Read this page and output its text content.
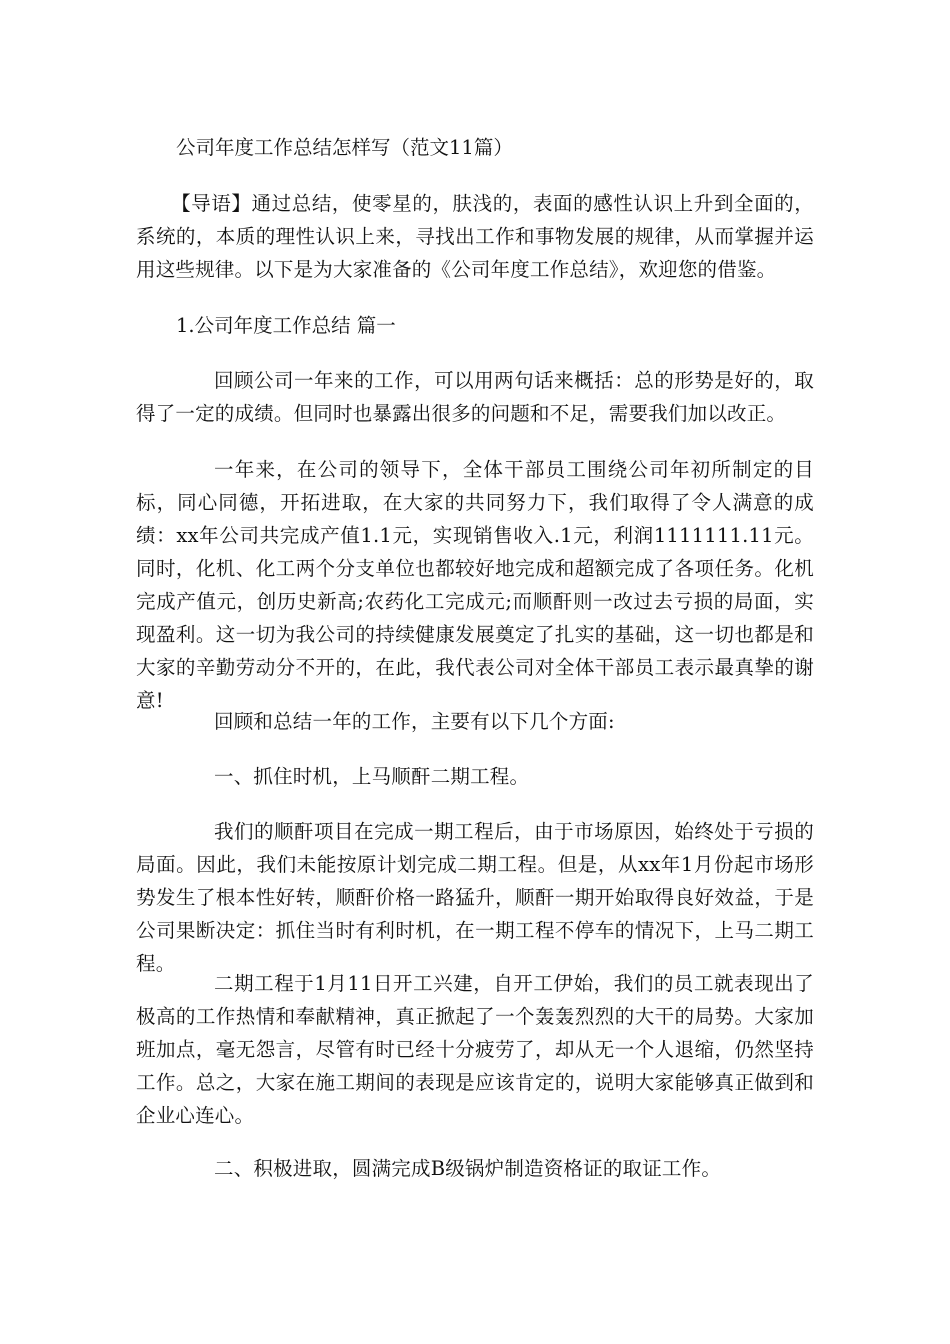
公司年度工作总结怎样写（范文11篇）

【导语】通过总结，使零星的，肤浅的，表面的感性认识上升到全面的，系统的，本质的理性认识上来，寻找出工作和事物发展的规律，从而掌握并运用这些规律。以下是为大家准备的《公司年度工作总结》，欢迎您的借鉴。

1.公司年度工作总结 篇一

回顾公司一年来的工作，可以用两句话来概括：总的形势是好的，取得了一定的成绩。但同时也暴露出很多的问题和不足，需要我们加以改正。

一年来，在公司的领导下，全体干部员工围绕公司年初所制定的目标，同心同德，开拓进取，在大家的共同努力下，我们取得了令人满意的成绩：xx年公司共完成产值1.1元，实现销售收入.1元，利润1111111.11元。同时，化机、化工两个分支单位也都较好地完成和超额完成了各项任务。化机完成产值元，创历史新高;农药化工完成元;而顺酐则一改过去亏损的局面，实现盈利。这一切为我公司的持续健康发展奠定了扎实的基础，这一切也都是和大家的辛勤劳动分不开的，在此，我代表公司对全体干部员工表示最真挚的谢意!

回顾和总结一年的工作，主要有以下几个方面:

一、抓住时机，上马顺酐二期工程。

我们的顺酐项目在完成一期工程后，由于市场原因，始终处于亏损的局面。因此，我们未能按原计划完成二期工程。但是，从xx年1月份起市场形势发生了根本性好转，顺酐价格一路猛升，顺酐一期开始取得良好效益，于是公司果断决定：抓住当时有利时机，在一期工程不停车的情况下，上马二期工程。

二期工程于1月11日开工兴建，自开工伊始，我们的员工就表现出了极高的工作热情和奉献精神，真正掀起了一个轰轰烈烈的大干的局势。大家加班加点，毫无怨言，尽管有时已经十分疲劳了，却从无一个人退缩，仍然坚持工作。总之，大家在施工期间的表现是应该肯定的，说明大家能够真正做到和企业心连心。

二、积极进取，圆满完成B级锅炉制造资格证的取证工作。
